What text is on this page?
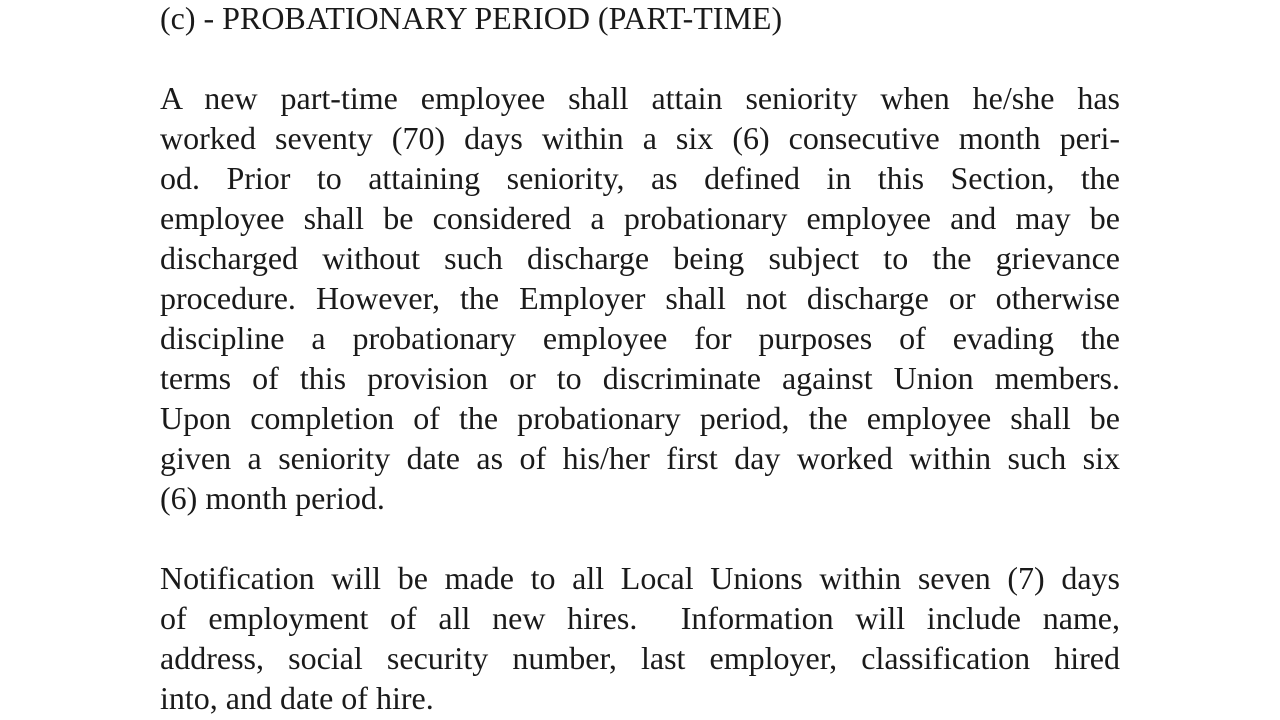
(c) - PROBATIONARY PERIOD (PART-TIME)
A new part-time employee shall attain seniority when he/she has
worked seventy (70) days within a six (6) consecutive month peri-
od. Prior to attaining seniority, as defined in this Section, the
employee shall be considered a probationary employee and may be
discharged without such discharge being subject to the grievance
procedure. However, the Employer shall not discharge or otherwise
discipline a probationary employee for purposes of evading the
terms of this provision or to discriminate against Union members.
Upon completion of the probationary period, the employee shall be
given a seniority date as of his/her first day worked within such six
(6) month period.
Notification will be made to all Local Unions within seven (7) days
of employment of all new hires.  Information will include name,
address, social security number, last employer, classification hired
into, and date of hire.
